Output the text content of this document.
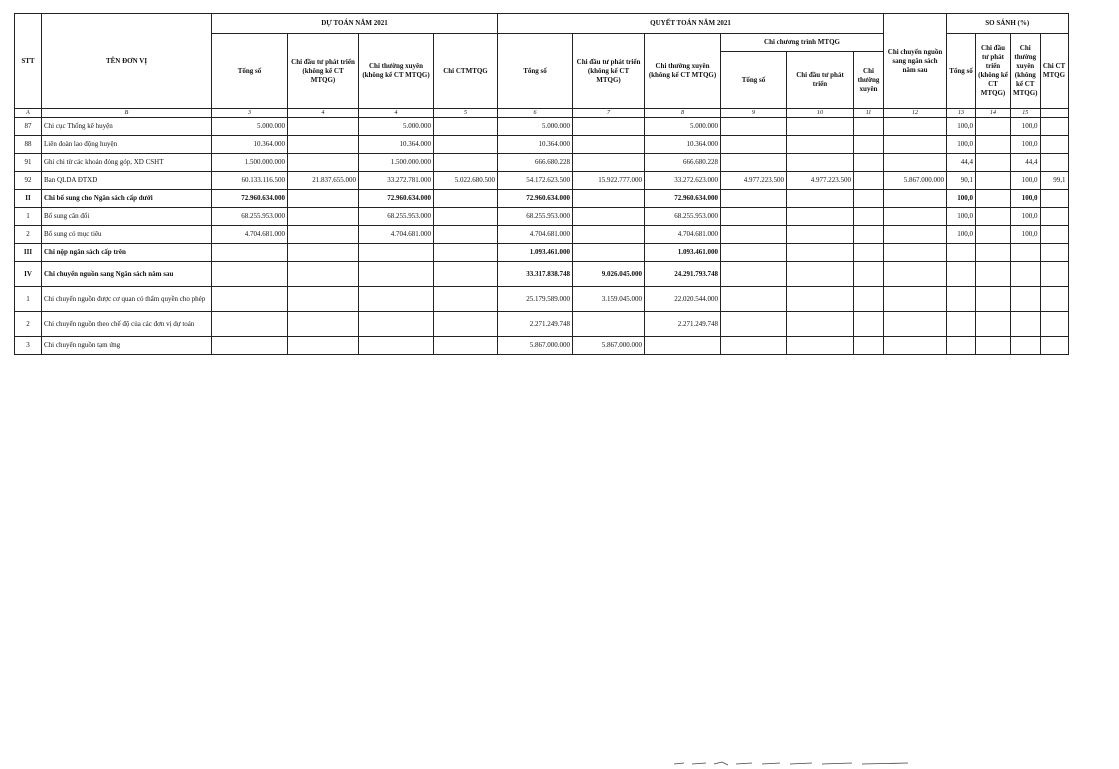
STT	TÊN ĐƠN VỊ	DỰ TOÁN NĂM 2021				QUYẾT TOÁN NĂM 2021						Chi chuyển nguồn sang ngân sách năm sau	SO SÁNH (%)			
		Tổng số	Chi đầu tư phát triển (không kể CT MTQG)	Chi thường xuyên (không kể CT MTQG)	Chi CTMTQG	Tổng số	Chi đầu tư phát triển (không kể CT MTQG)	Chi thường xuyên (không kể CT MTQG)	Chi chương trình MTQG				Tổng số	Chi đầu tư phát triển (không kể CT MTQG)	Chi thường xuyên (không kể CT MTQG)	Chi CT MTQG
									Tổng số	Chi đầu tư phát triển	Chi thường xuyên					
A	B	3	4	4	5	6	7	8	9	10	11	12	13	14	15	
87	Chi cục Thống kê huyện	5.000.000		5.000.000		5.000.000		5.000.000					100,0		100,0	
88	Liên đoàn lao động huyện	10.364.000		10.364.000		10.364.000		10.364.000					100,0		100,0	
91	Ghi chi từ các khoản đóng góp, XD CSHT	1.500.000.000		1.500.000.000		666.680.228		666.680.228					44,4		44,4	
92	Ban QLDA ĐTXD	60.133.116.500	21.837.655.000	33.272.781.000	5.022.680.500	54.172.623.500	15.922.777.000	33.272.623.000	4.977.223.500	4.977.223.500		5.867.000.000	90,1		100,0	99,1
II	Chi bổ sung cho Ngân sách cấp dưới	72.960.634.000		72.960.634.000		72.960.634.000		72.960.634.000					100,0		100,0	
1	Bổ sung cân đối	68.255.953.000		68.255.953.000		68.255.953.000		68.255.953.000					100,0		100,0	
2	Bổ sung có mục tiêu	4.704.681.000		4.704.681.000		4.704.681.000		4.704.681.000					100,0		100,0	
III	Chi nộp ngân sách cấp trên					1.093.461.000		1.093.461.000								
IV	Chi chuyển nguồn sang Ngân sách năm sau					33.317.838.748	9.026.045.000	24.291.793.748								
1	Chi chuyển nguồn được cơ quan có thẩm quyền cho phép					25.179.589.000	3.159.045.000	22.020.544.000								
2	Chi chuyển nguồn theo chế độ của các đơn vị dự toán					2.271.249.748		2.271.249.748								
3	Chi chuyển nguồn tạm ứng					5.867.000.000	5.867.000.000									
